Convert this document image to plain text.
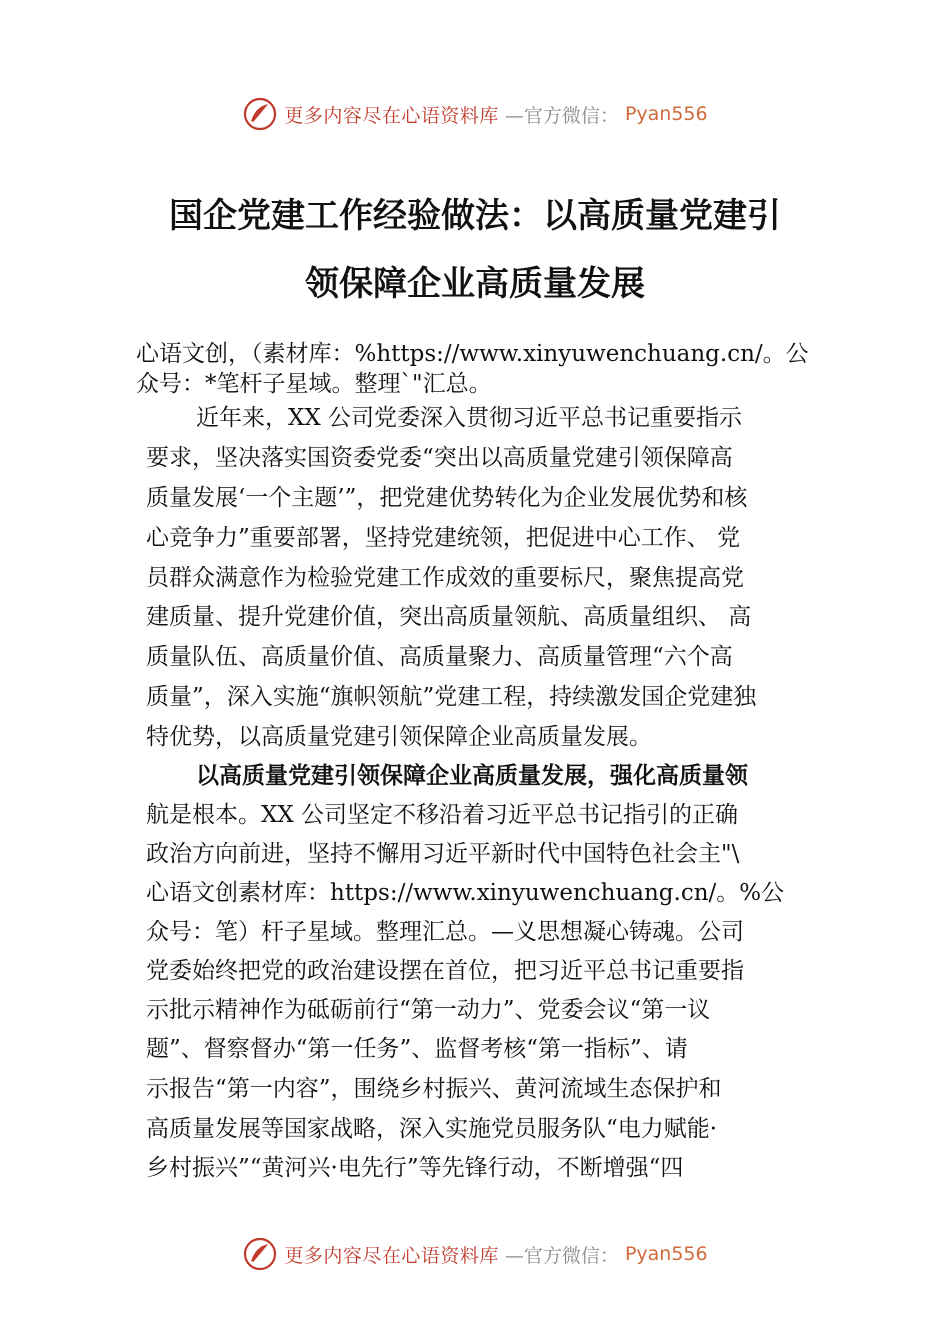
更多内容尽在心语资料库 —官方微信： Pyan556
国企党建工作经验做法：以高质量党建引
领保障企业高质量发展
心语文创，（素材库：%https://www.xinyuwenchuang.cn/。公
众号：*笔杆子星域。整理`"汇总。
近年来，XX 公司党委深入贯彻习近平总书记重要指示
要求，坚决落实国资委党委“突出以高质量党建引领保障高
质量发展‘一个主题’”，把党建优势转化为企业发展优势和核
心竞争力”重要部署，坚持党建统领，把促进中心工作、 党
员群众满意作为检验党建工作成效的重要标尺，聚焦提高党
建质量、提升党建价值，突出高质量领航、高质量组织、 高
质量队伍、高质量价值、高质量聚力、高质量管理“六个高
质量”，深入实施“旗帜领航”党建工程，持续激发国企党建独
特优势，以高质量党建引领保障企业高质量发展。
以高质量党建引领保障企业高质量发展，强化高质量领
航是根本。XX 公司坚定不移沿着习近平总书记指引的正确
政治方向前进，坚持不懈用习近平新时代中国特色社会主"\
心语文创素材库：https://www.xinyuwenchuang.cn/。%公
众号：笔）杆子星域。整理汇总。—义思想凝心铸魂。公司
党委始终把党的政治建设摆在首位，把习近平总书记重要指
示批示精神作为砥砺前行“第一动力”、党委会议“第一议
题”、督察督办“第一任务”、监督考核“第一指标”、请
示报告“第一内容”，围绕乡村振兴、黄河流域生态保护和
高质量发展等国家战略，深入实施党员服务队“电力赋能·
乡村振兴”“黄河兴·电先行”等先锋行动，不断增强“四
更多内容尽在心语资料库 —官方微信： Pyan556
